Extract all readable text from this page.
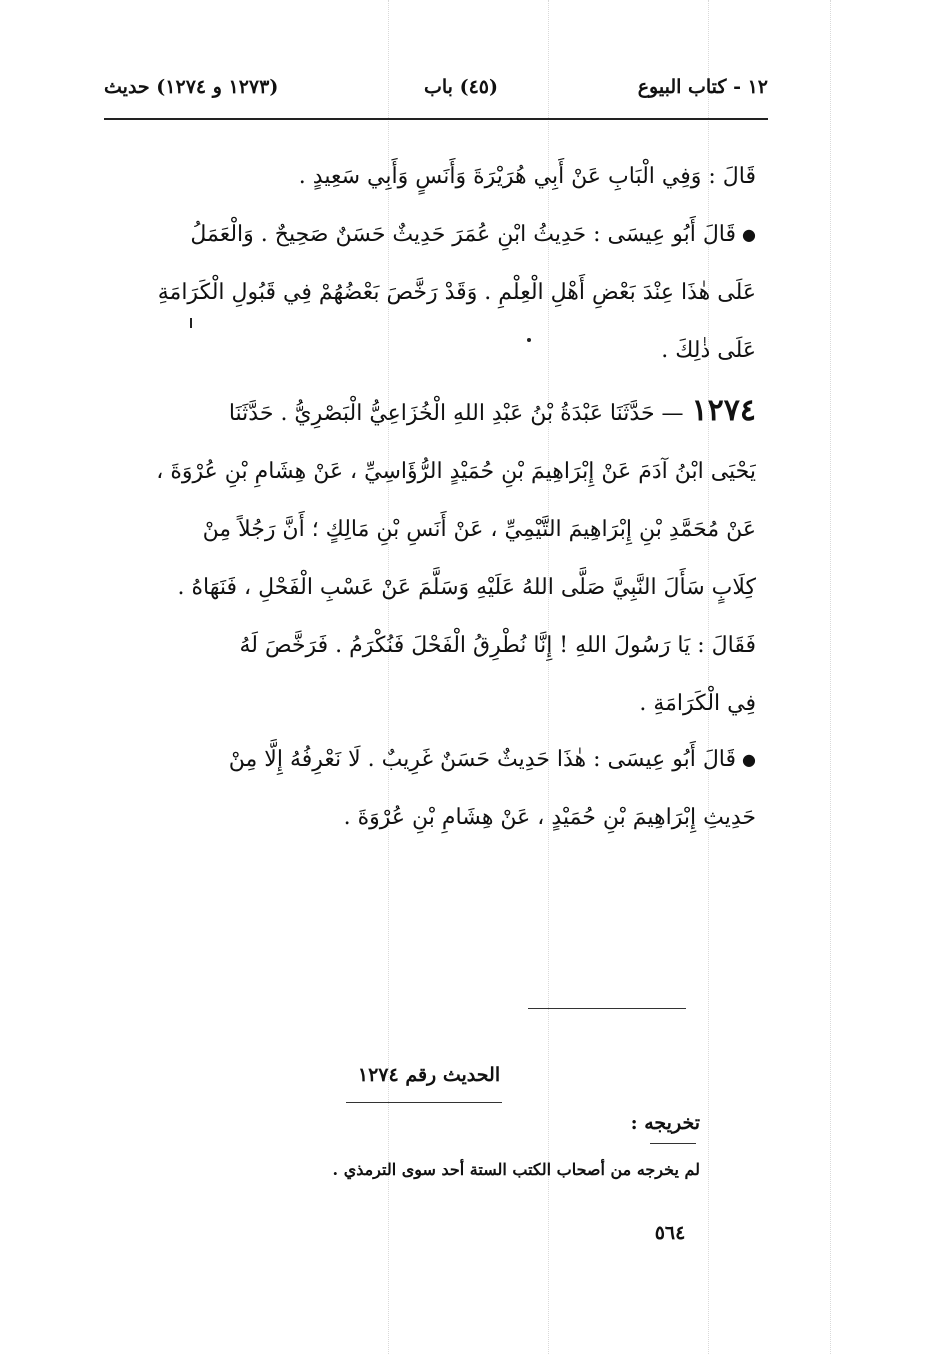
١٢ - كتاب البيوع
(٤٥) باب
(١٢٧٣ و ١٢٧٤) حديث
قَالَ : وَفِي الْبَابِ عَنْ أَبِي هُرَيْرَةَ وَأَنَسٍ وَأَبِي سَعِيدٍ .
●قَالَ أَبُو عِيسَى : حَدِيثُ ابْنِ عُمَرَ حَدِيثٌ حَسَنٌ صَحِيحٌ . وَالْعَمَلُ
عَلَى هٰذَا عِنْدَ بَعْضِ أَهْلِ الْعِلْمِ . وَقَدْ رَخَّصَ بَعْضُهُمْ فِي قَبُولِ الْكَرَامَةِ
عَلَى ذٰلِكَ .
١٢٧٤— حَدَّثَنَا عَبْدَةُ بْنُ عَبْدِ اللهِ الْخُزَاعِيُّ الْبَصْرِيُّ . حَدَّثَنَا
يَحْيَى ابْنُ آدَمَ عَنْ إِبْرَاهِيمَ بْنِ حُمَيْدٍ الرُّؤَاسِيِّ ، عَنْ هِشَامِ بْنِ عُرْوَةَ ،
عَنْ مُحَمَّدِ بْنِ إِبْرَاهِيمَ التَّيْمِيِّ ، عَنْ أَنَسِ بْنِ مَالِكٍ ؛ أَنَّ رَجُلاً مِنْ
كِلَابٍ سَأَلَ النَّبِيَّ صَلَّى اللهُ عَلَيْهِ وَسَلَّمَ عَنْ عَسْبِ الْفَحْلِ ، فَنَهَاهُ .
فَقَالَ : يَا رَسُولَ اللهِ ! إِنَّا نُطْرِقُ الْفَحْلَ فَنُكْرَمُ . فَرَخَّصَ لَهُ
فِي الْكَرَامَةِ .
●قَالَ أَبُو عِيسَى : هٰذَا حَدِيثٌ حَسَنٌ غَرِيبٌ . لَا نَعْرِفُهُ إِلَّا مِنْ
حَدِيثِ إِبْرَاهِيمَ بْنِ حُمَيْدٍ ، عَنْ هِشَامِ بْنِ عُرْوَةَ .
الحديث رقم ١٢٧٤
تخريجه :
لم يخرجه من أصحاب الكتب الستة أحد سوى الترمذي .
٥٦٤
